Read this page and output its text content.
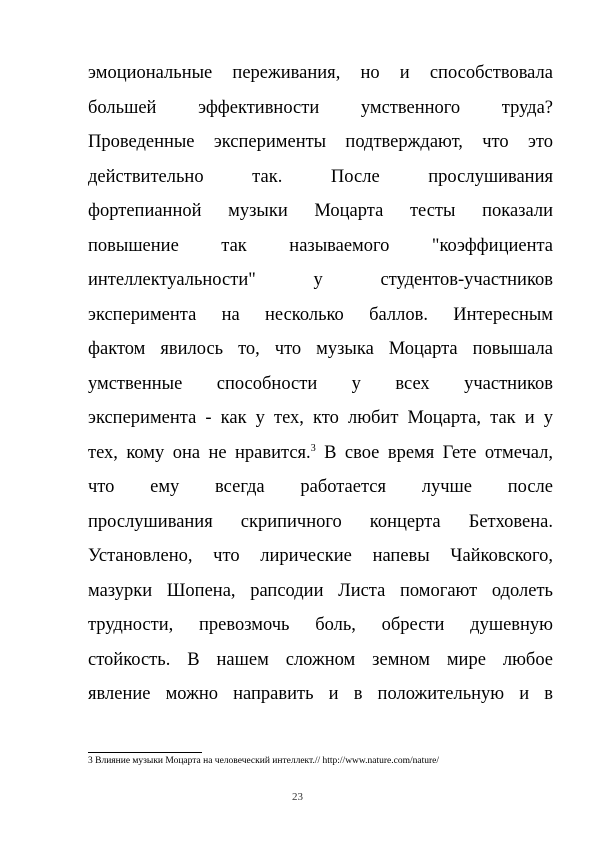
эмоциональные переживания, но и способствовала
большей эффективности умственного труда?
Проведенные эксперименты подтверждают, что это
действительно так. После прослушивания
фортепианной музыки Моцарта тесты показали
повышение так называемого "коэффициента
интеллектуальности" у студентов-участников
эксперимента на несколько баллов. Интересным
фактом явилось то, что музыка Моцарта повышала
умственные способности у всех участников
эксперимента - как у тех, кто любит Моцарта, так и у
тех, кому она не нравится.$^3$ В свое время Гете отмечал,
что ему всегда работается лучше после
прослушивания скрипичного концерта Бетховена.
Установлено, что лирические напевы Чайковского,
мазурки Шопена, рапсодии Листа помогают одолеть
трудности, превозмочь боль, обрести душевную
стойкость. В нашем сложном земном мире любое
явление можно направить и в положительную и в
3 Влияние музыки Моцарта на человеческий интеллект.// http://www.nature.com/nature/
23
